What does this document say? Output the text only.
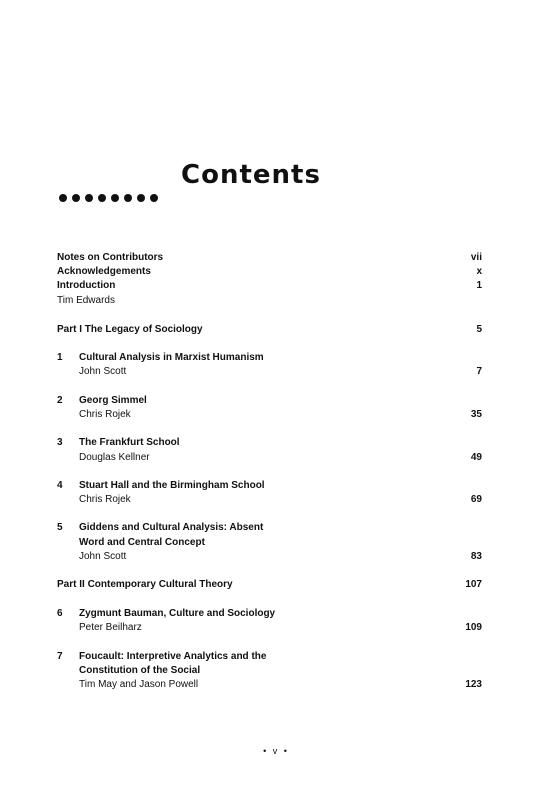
Contents
Notes on Contributors	vii
Acknowledgements	x
Introduction	1
Tim Edwards
Part I The Legacy of Sociology	5
1 Cultural Analysis in Marxist Humanism
John Scott	7
2 Georg Simmel
Chris Rojek	35
3 The Frankfurt School
Douglas Kellner	49
4 Stuart Hall and the Birmingham School
Chris Rojek	69
5 Giddens and Cultural Analysis: Absent
Word and Central Concept
John Scott	83
Part II Contemporary Cultural Theory	107
6 Zygmunt Bauman, Culture and Sociology
Peter Beilharz	109
7 Foucault: Interpretive Analytics and the
Constitution of the Social
Tim May and Jason Powell	123
• v •
